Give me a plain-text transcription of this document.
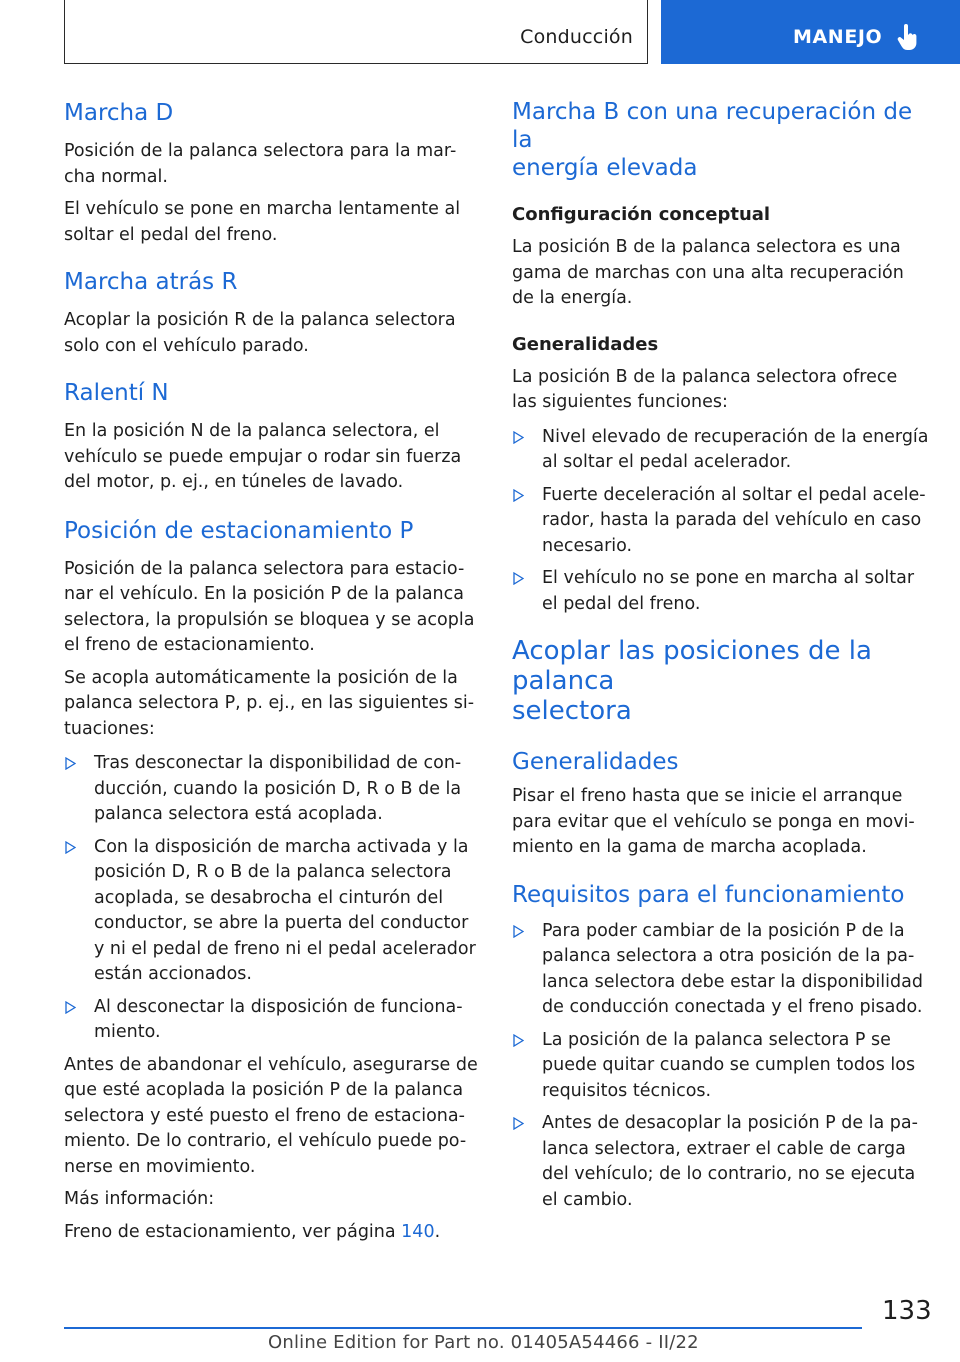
Conducción	MANEJO
Marcha D

Posición de la palanca selectora para la mar-
cha normal.

El vehículo se pone en marcha lentamente al
soltar el pedal del freno.

Marcha atrás R

Acoplar la posición R de la palanca selectora
solo con el vehículo parado.

Ralentí N

En la posición N de la palanca selectora, el
vehículo se puede empujar o rodar sin fuerza
del motor, p. ej., en túneles de lavado.

Posición de estacionamiento P

Posición de la palanca selectora para estacio-
nar el vehículo. En la posición P de la palanca
selectora, la propulsión se bloquea y se acopla
el freno de estacionamiento.

Se acopla automáticamente la posición de la
palanca selectora P, p. ej., en las siguientes si-
tuaciones:

Tras desconectar la disponibilidad de con-
ducción, cuando la posición D, R o B de la
palanca selectora está acoplada.
Con la disposición de marcha activada y la
posición D, R o B de la palanca selectora
acoplada, se desabrocha el cinturón del
conductor, se abre la puerta del conductor
y ni el pedal de freno ni el pedal acelerador
están accionados.
Al desconectar la disposición de funciona-
miento.

Antes de abandonar el vehículo, asegurarse de
que esté acoplada la posición P de la palanca
selectora y esté puesto el freno de estaciona-
miento. De lo contrario, el vehículo puede po-
nerse en movimiento.

Más información:

Freno de estacionamiento, ver página 140.

Marcha B con una recuperación de la
energía elevada
Configuración conceptual

La posición B de la palanca selectora es una
gama de marchas con una alta recuperación
de la energía.

Generalidades

La posición B de la palanca selectora ofrece
las siguientes funciones:

Nivel elevado de recuperación de la energía
al soltar el pedal acelerador.
Fuerte deceleración al soltar el pedal acele-
rador, hasta la parada del vehículo en caso
necesario.
El vehículo no se pone en marcha al soltar
el pedal del freno.
Acoplar las posiciones de la palanca
selectora
Generalidades

Pisar el freno hasta que se inicie el arranque
para evitar que el vehículo se ponga en movi-
miento en la gama de marcha acoplada.

Requisitos para el funcionamiento
Para poder cambiar de la posición P de la
palanca selectora a otra posición de la pa-
lanca selectora debe estar la disponibilidad
de conducción conectada y el freno pisado.
La posición de la palanca selectora P se
puede quitar cuando se cumplen todos los
requisitos técnicos.
Antes de desacoplar la posición P de la pa-
lanca selectora, extraer el cable de carga
del vehículo; de lo contrario, no se ejecuta
el cambio.
133
Online Edition for Part no. 01405A54466 - II/22
